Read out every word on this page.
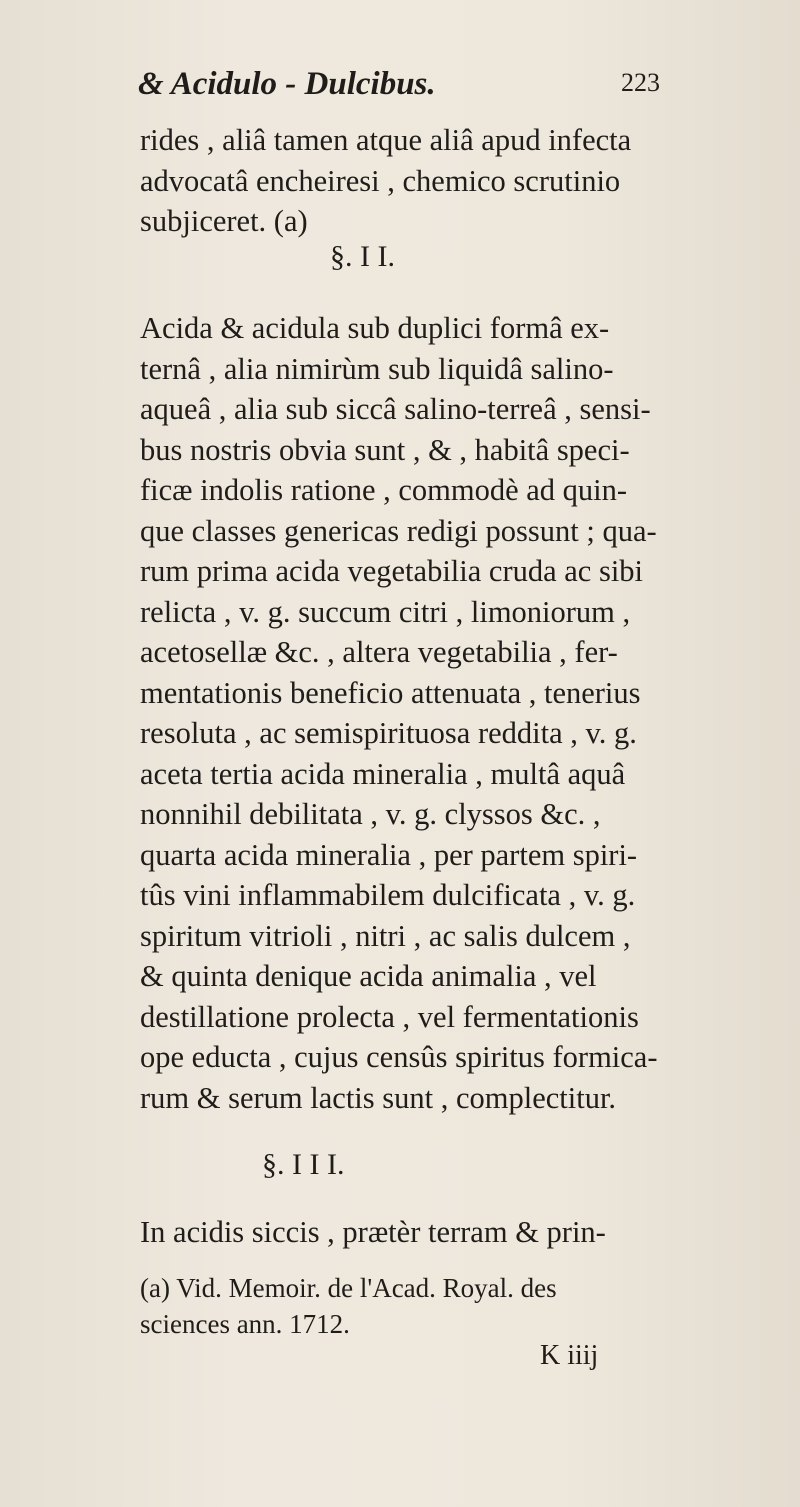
& Acidulo - Dulcibus.	223
rides , aliâ tamen atque aliâ apud infecta
advocatâ encheiresi , chemico scrutinio
subjiceret. (a)
§. I I.
Acida & acidula sub duplici formâ ex-
ternâ , alia nimirùm sub liquidâ salino-
aqueâ , alia sub siccâ salino-terreâ , sensi-
bus nostris obvia sunt , & , habitâ speci-
ficæ indolis ratione , commodè ad quin-
que classes genericas redigi possunt ; qua-
rum prima acida vegetabilia cruda ac sibi
relicta , v. g. succum citri , limoniorum ,
acetosellæ &c. , altera vegetabilia , fer-
mentationis beneficio attenuata , tenerius
resoluta , ac semispirituosa reddita , v. g.
aceta tertia acida mineralia , multâ aquâ
nonnihil debilitata , v. g. clyssos &c. ,
quarta acida mineralia , per partem spiri-
tûs vini inflammabilem dulcificata , v. g.
spiritum vitrioli , nitri , ac salis dulcem ,
& quinta denique acida animalia , vel
destillatione prolecta , vel fermentationis
ope educta , cujus censûs spiritus formica-
rum & serum lactis sunt , complectitur.
§. I I I.
In acidis siccis , prætèr terram & prin-
(a) Vid. Memoir. de l'Acad. Royal. des
sciences ann. 1712.
K iiij
